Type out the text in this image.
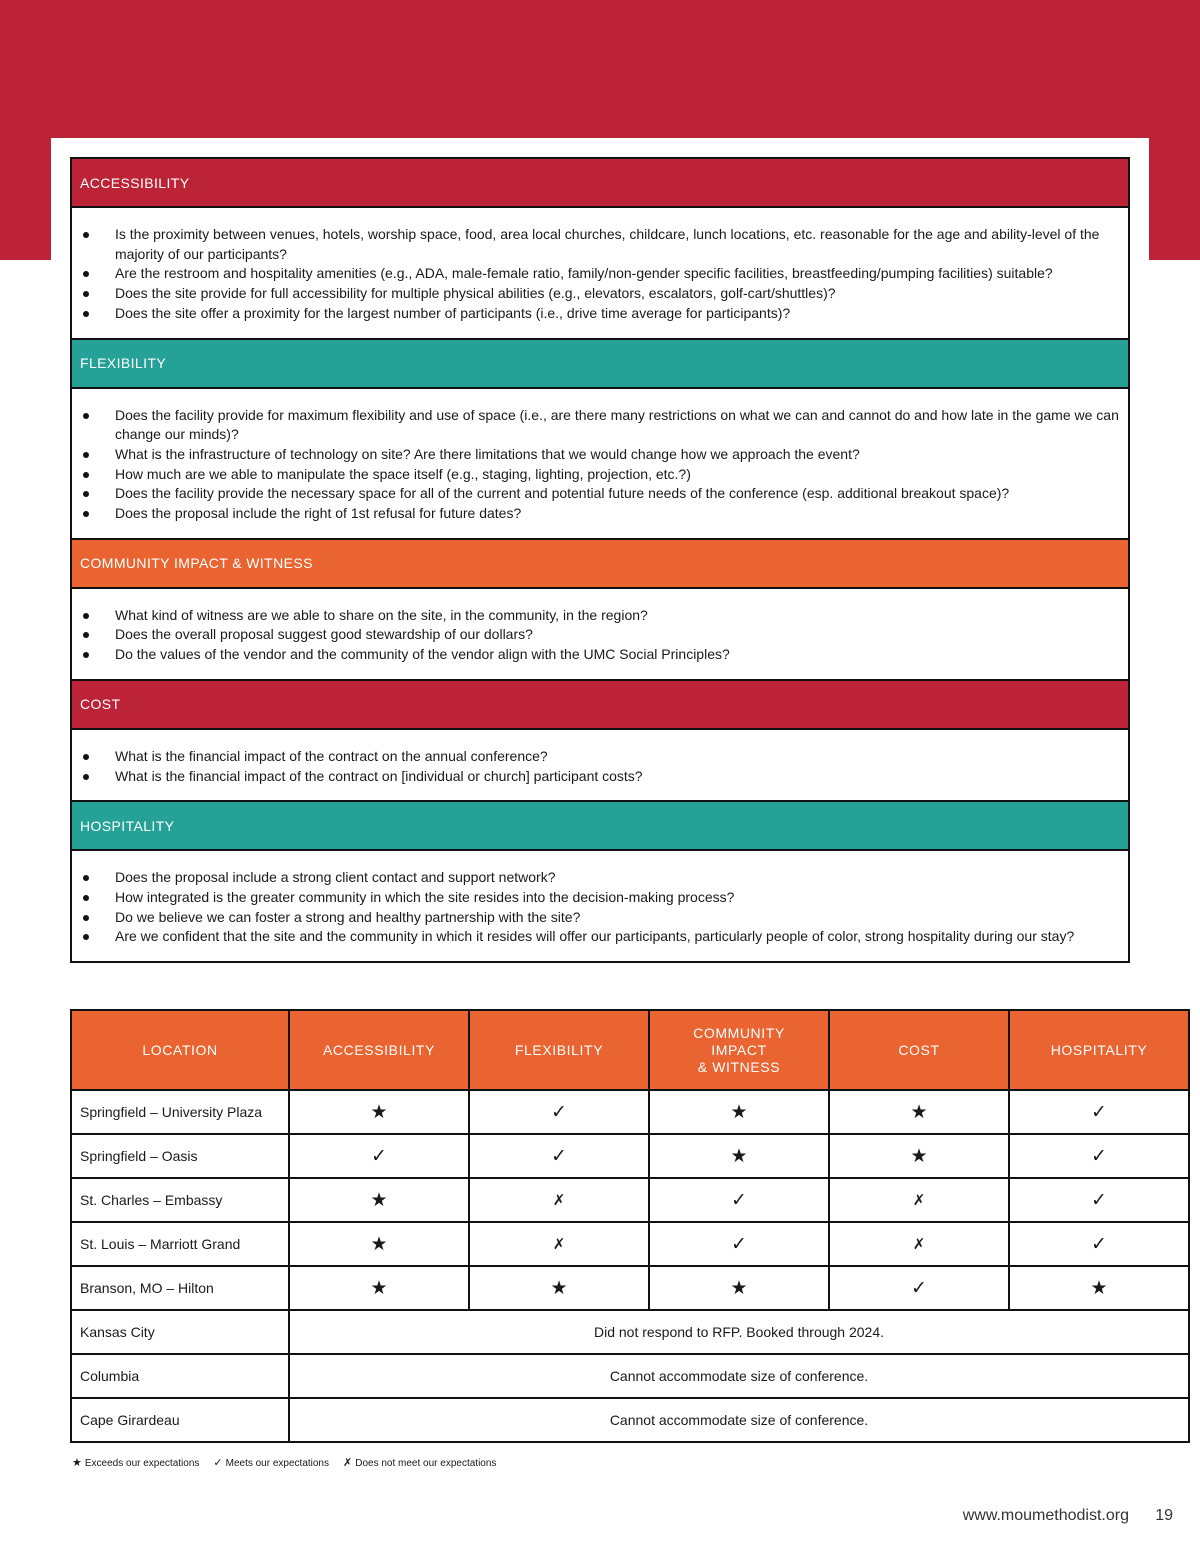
ACCESSIBILITY
Is the proximity between venues, hotels, worship space, food, area local churches, childcare, lunch locations, etc. reasonable for the age and ability-level of the majority of our participants?
Are the restroom and hospitality amenities (e.g., ADA, male-female ratio, family/non-gender specific facilities, breastfeeding/pumping facilities) suitable?
Does the site provide for full accessibility for multiple physical abilities (e.g., elevators, escalators, golf-cart/shuttles)?
Does the site offer a proximity for the largest number of participants (i.e., drive time average for participants)?
FLEXIBILITY
Does the facility provide for maximum flexibility and use of space (i.e., are there many restrictions on what we can and cannot do and how late in the game we can change our minds)?
What is the infrastructure of technology on site? Are there limitations that we would change how we approach the event?
How much are we able to manipulate the space itself (e.g., staging, lighting, projection, etc.?)
Does the facility provide the necessary space for all of the current and potential future needs of the conference (esp. additional breakout space)?
Does the proposal include the right of 1st refusal for future dates?
COMMUNITY IMPACT & WITNESS
What kind of witness are we able to share on the site, in the community, in the region?
Does the overall proposal suggest good stewardship of our dollars?
Do the values of the vendor and the community of the vendor align with the UMC Social Principles?
COST
What is the financial impact of the contract on the annual conference?
What is the financial impact of the contract on [individual or church] participant costs?
HOSPITALITY
Does the proposal include a strong client contact and support network?
How integrated is the greater community in which the site resides into the decision-making process?
Do we believe we can foster a strong and healthy partnership with the site?
Are we confident that the site and the community in which it resides will offer our participants, particularly people of color, strong hospitality during our stay?
LOCATION	ACCESSIBILITY	FLEXIBILITY	COMMUNITY
IMPACT
& WITNESS	COST	HOSPITALITY
Springfield – University Plaza	★	✓	★	★	✓
Springfield – Oasis	✓	✓	★	★	✓
St. Charles – Embassy	★	✗	✓	✗	✓
St. Louis – Marriott Grand	★	✗	✓	✗	✓
Branson, MO – Hilton	★	★	★	✓	★
Kansas City	Did not respond to RFP. Booked through 2024.				
Columbia	Cannot accommodate size of conference.				
Cape Girardeau	Cannot accommodate size of conference.				
★ Exceeds our expectations ✓ Meets our expectations ✗ Does not meet our expectations
www.moumethodist.org 19
